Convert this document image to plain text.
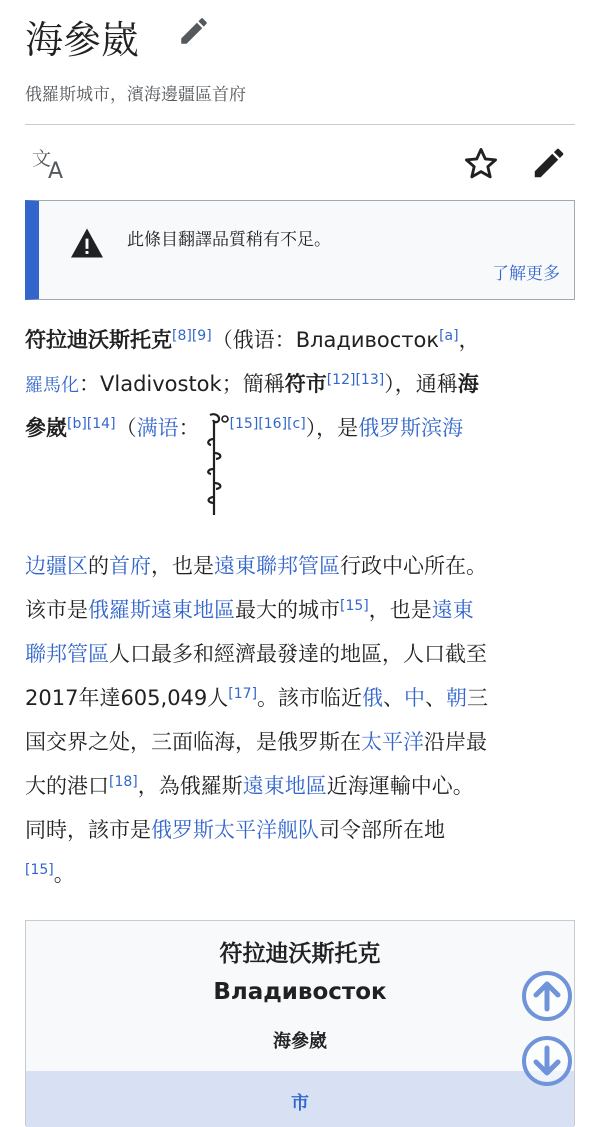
海參崴
俄羅斯城市，濱海邊疆區首府
文
A
此條目翻譯品質稍有不足。
了解更多
符拉迪沃斯托克[8][9]（俄语：Владивосток[a]，
羅馬化：Vladivostok；簡稱符市[12][13]），通稱海
參崴[b][14]（满语： [15][16][c]），是俄罗斯滨海
边疆区的首府，也是遠東聯邦管區行政中心所在。
该市是俄羅斯遠東地區最大的城市[15]，也是遠東
聯邦管區人口最多和經濟最發達的地區，人口截至
2017年達605,049人[17]。該市临近俄、中、朝三
国交界之处，三面临海，是俄罗斯在太平洋沿岸最
大的港口[18]，為俄羅斯遠東地區近海運輸中心。
同時，該市是俄罗斯太平洋舰队司令部所在地
[15]。
符拉迪沃斯托克
Владивосток
海參崴
市
